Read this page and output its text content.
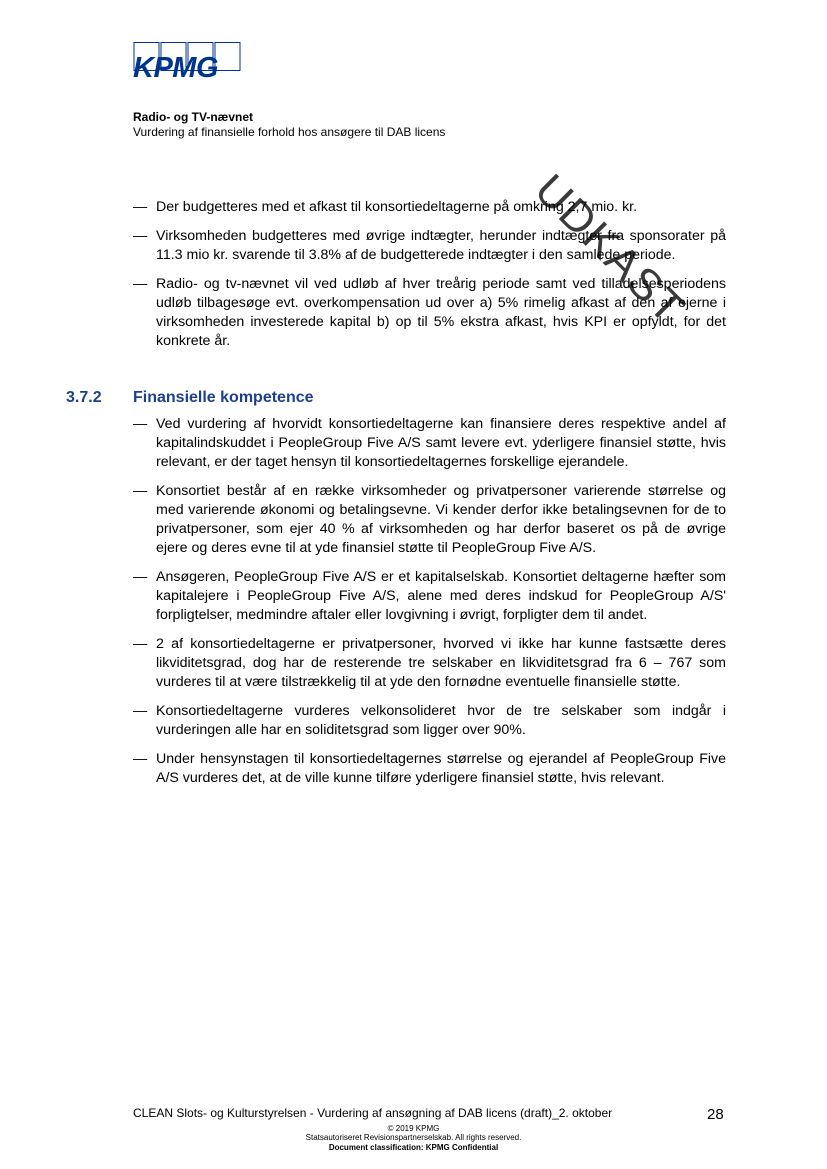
KPMG
Radio- og TV-nævnet
Vurdering af finansielle forhold hos ansøgere til DAB licens
UDKAST

— Der budgetteres med et afkast til konsortiedeltagerne på omkring 2,7 mio. kr.

— Virksomheden budgetteres med øvrige indtægter, herunder indtægter fra sponsorater på 11.3 mio kr. svarende til 3.8% af de budgetterede indtægter i den samlede periode.

— Radio- og tv-nævnet vil ved udløb af hver treårig periode samt ved tilladelsesperiodens udløb tilbagesøge evt. overkompensation ud over a) 5% rimelig afkast af den af ejerne i virksomheden investerede kapital b) op til 5% ekstra afkast, hvis KPI er opfyldt, for det konkrete år.

3.7.2 Finansielle kompetence

— Ved vurdering af hvorvidt konsortiedeltagerne kan finansiere deres respektive andel af kapitalindskuddet i PeopleGroup Five A/S samt levere evt. yderligere finansiel støtte, hvis relevant, er der taget hensyn til konsortiedeltagernes forskellige ejerandele.

— Konsortiet består af en række virksomheder og privatpersoner varierende størrelse og med varierende økonomi og betalingsevne. Vi kender derfor ikke betalingsevnen for de to privatpersoner, som ejer 40 % af virksomheden og har derfor baseret os på de øvrige ejere og deres evne til at yde finansiel støtte til PeopleGroup Five A/S.

— Ansøgeren, PeopleGroup Five A/S er et kapitalselskab. Konsortiet deltagerne hæfter som kapitalejere i PeopleGroup Five A/S, alene med deres indskud for PeopleGroup A/S' forpligtelser, medmindre aftaler eller lovgivning i øvrigt, forpligter dem til andet.

— 2 af konsortiedeltagerne er privatpersoner, hvorved vi ikke har kunne fastsætte deres likviditetsgrad, dog har de resterende tre selskaber en likviditetsgrad fra 6 – 767 som vurderes til at være tilstrækkelig til at yde den fornødne eventuelle finansielle støtte.

— Konsortiedeltagerne vurderes velkonsolideret hvor de tre selskaber som indgår i vurderingen alle har en soliditetsgrad som ligger over 90%.

— Under hensynstagen til konsortiedeltagernes størrelse og ejerandel af PeopleGroup Five A/S vurderes det, at de ville kunne tilføre yderligere finansiel støtte, hvis relevant.

CLEAN Slots- og Kulturstyrelsen - Vurdering af ansøgning af DAB licens (draft)_2. oktober	28
© 2019 KPMG
Statsautoriseret Revisionspartnerselskab. All rights reserved.
Document classification: KPMG Confidential
